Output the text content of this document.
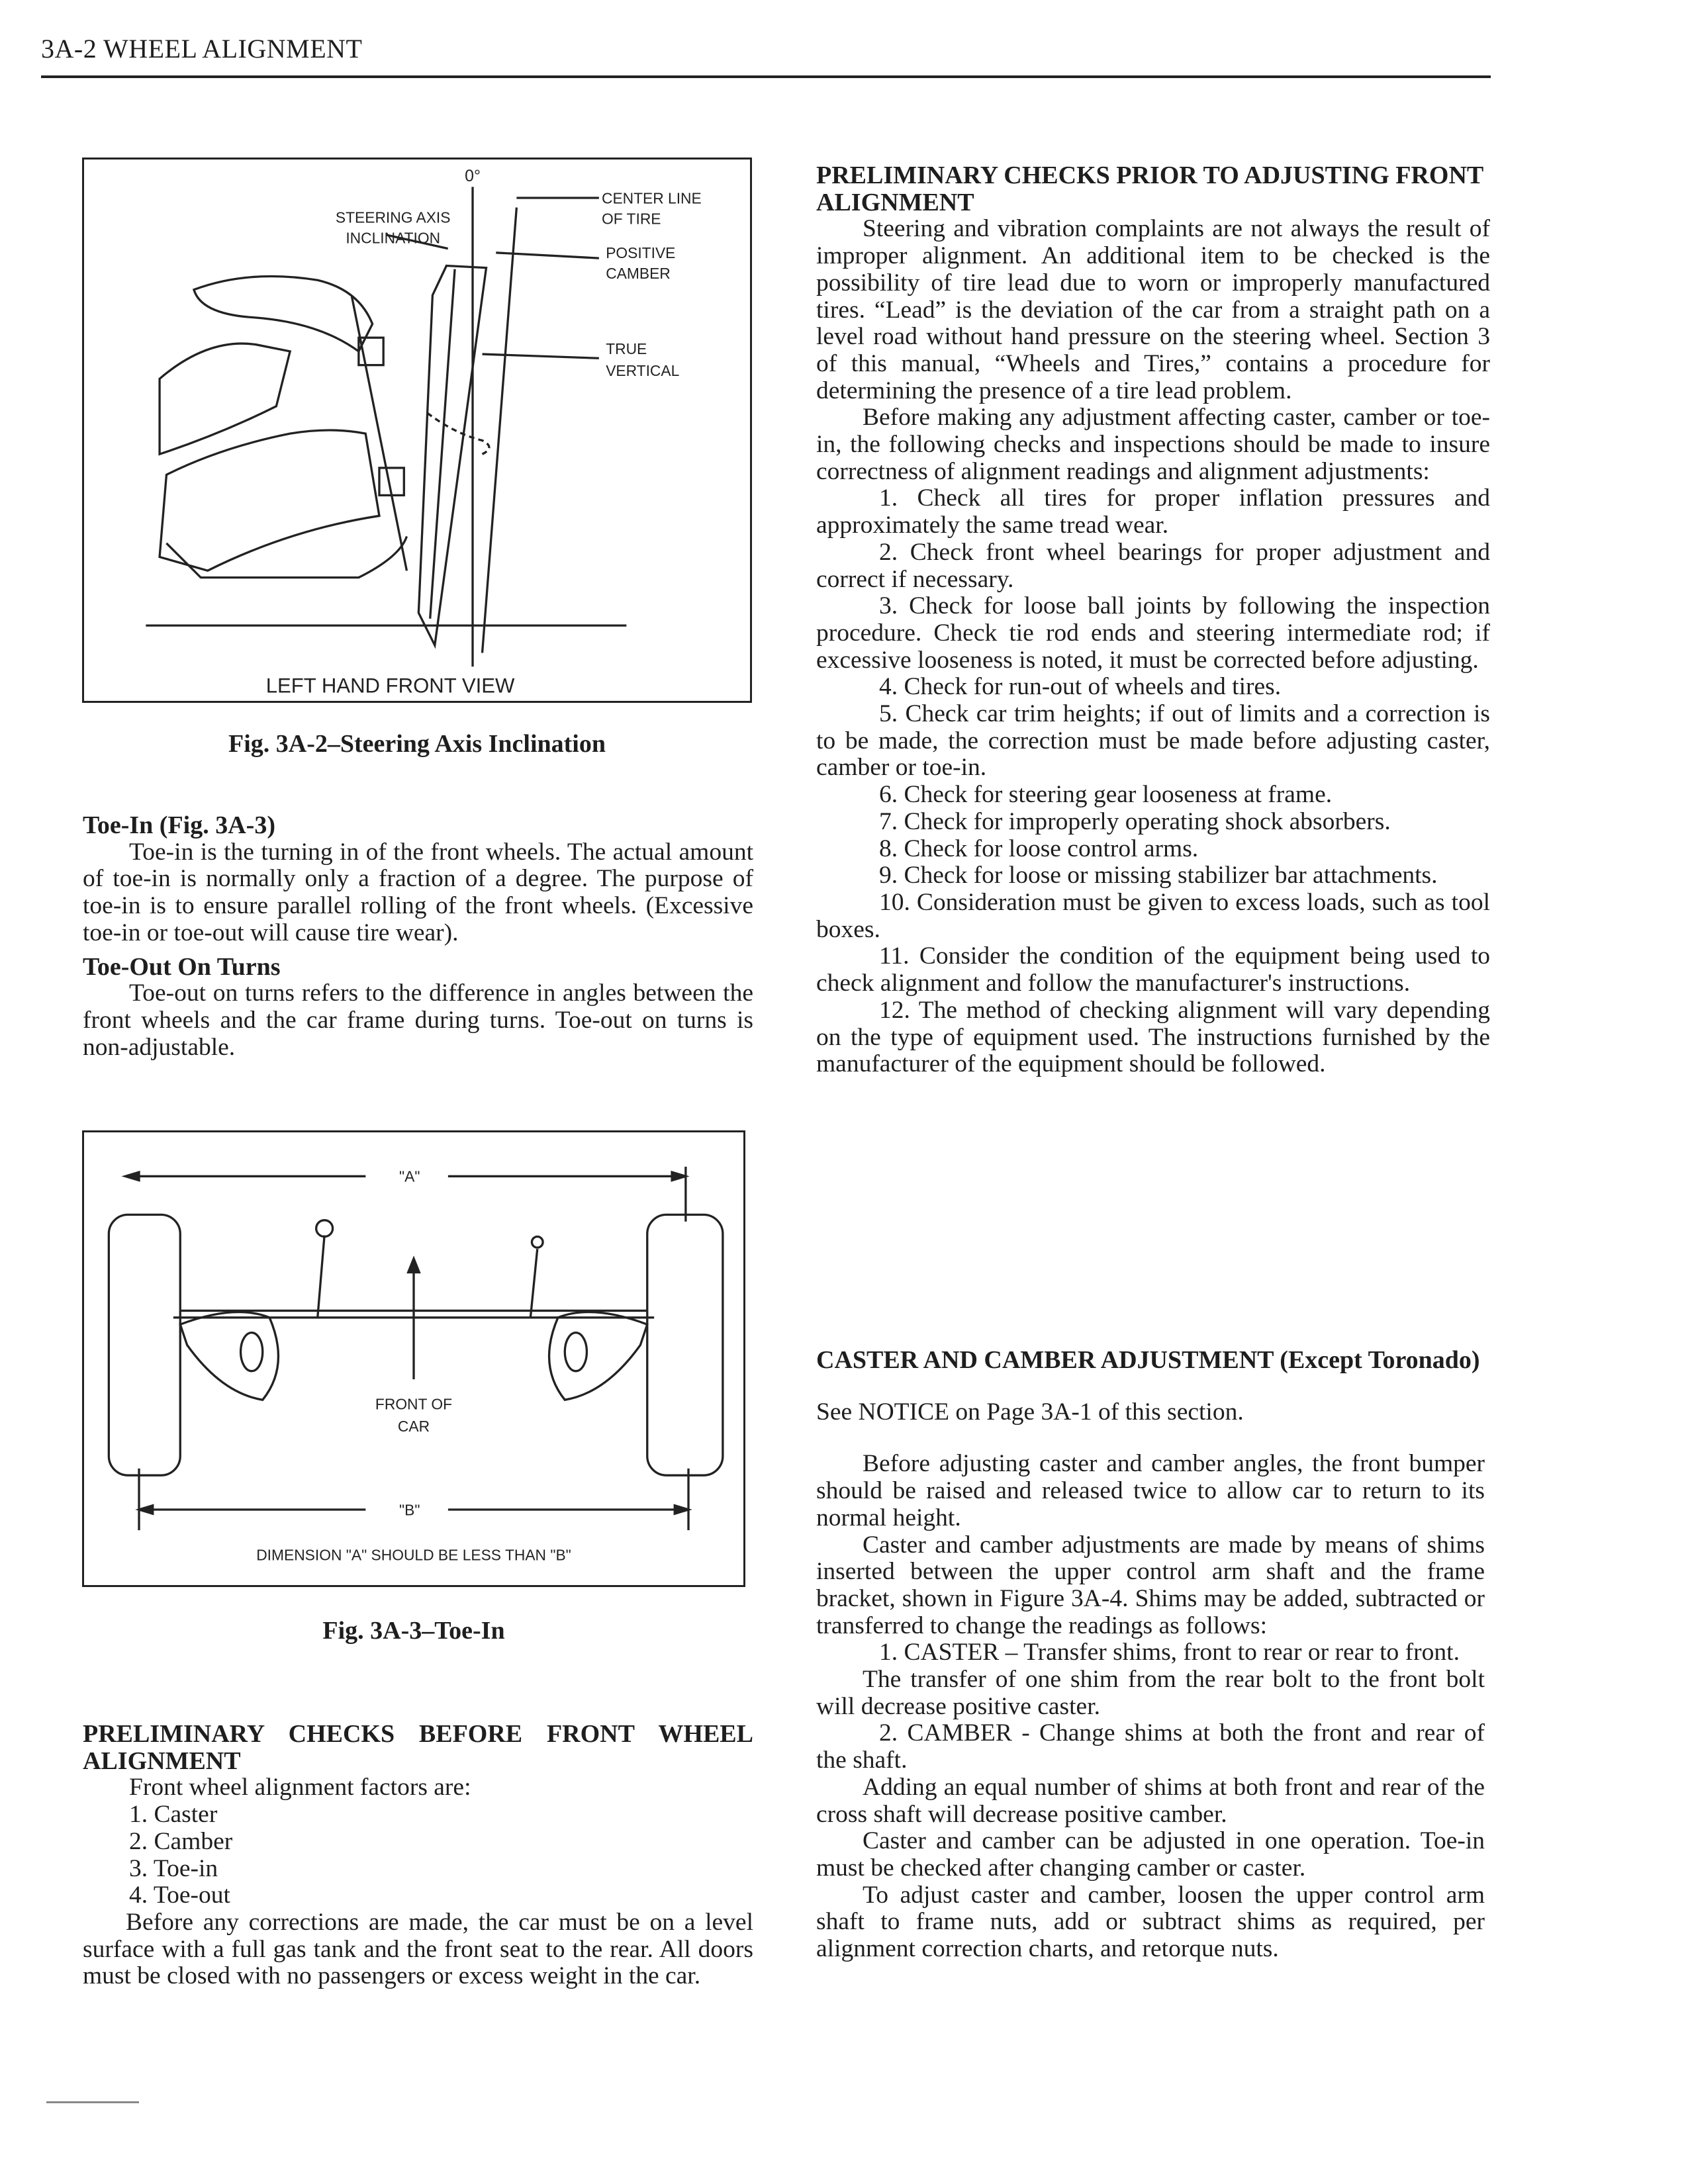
3A-2 WHEEL ALIGNMENT
0°
STEERING AXIS
INCLINATION
CENTER LINE
OF TIRE
POSITIVE
CAMBER
TRUE
VERTICAL
LEFT HAND FRONT VIEW
Fig. 3A-2–Steering Axis Inclination

Toe-In (Fig. 3A-3)

Toe-in is the turning in of the front wheels. The actual amount of toe-in is normally only a fraction of a degree. The purpose of toe-in is to ensure parallel rolling of the front wheels. (Excessive toe-in or toe-out will cause tire wear).

Toe-Out On Turns

Toe-out on turns refers to the difference in angles between the front wheels and the car frame during turns. Toe-out on turns is non-adjustable.

"A"
FRONT OF
CAR
"B"
DIMENSION "A" SHOULD BE LESS THAN "B"
Fig. 3A-3–Toe-In

PRELIMINARY CHECKS BEFORE FRONT WHEEL ALIGNMENT

Front wheel alignment factors are:

1. Caster

2. Camber

3. Toe-in

4. Toe-out

Before any corrections are made, the car must be on a level surface with a full gas tank and the front seat to the rear. All doors must be closed with no passengers or excess weight in the car.

PRELIMINARY CHECKS PRIOR TO ADJUSTING FRONT ALIGNMENT

Steering and vibration complaints are not always the result of improper alignment. An additional item to be checked is the possibility of tire lead due to worn or improperly manufactured tires. “Lead” is the deviation of the car from a straight path on a level road without hand pressure on the steering wheel. Section 3 of this manual, “Wheels and Tires,” contains a procedure for determining the presence of a tire lead problem.

Before making any adjustment affecting caster, camber or toe-in, the following checks and inspections should be made to insure correctness of alignment readings and alignment adjustments:

1. Check all tires for proper inflation pressures and approximately the same tread wear.

2. Check front wheel bearings for proper adjustment and correct if necessary.

3. Check for loose ball joints by following the inspection procedure. Check tie rod ends and steering intermediate rod; if excessive looseness is noted, it must be corrected before adjusting.

4. Check for run-out of wheels and tires.

5. Check car trim heights; if out of limits and a correction is to be made, the correction must be made before adjusting caster, camber or toe-in.

6. Check for steering gear looseness at frame.

7. Check for improperly operating shock absorbers.

8. Check for loose control arms.

9. Check for loose or missing stabilizer bar attachments.

10. Consideration must be given to excess loads, such as tool boxes.

11. Consider the condition of the equipment being used to check alignment and follow the manufacturer's instructions.

12. The method of checking alignment will vary depending on the type of equipment used. The instructions furnished by the manufacturer of the equipment should be followed.

CASTER AND CAMBER ADJUSTMENT (Except Toronado)

See NOTICE on Page 3A-1 of this section.

Before adjusting caster and camber angles, the front bumper should be raised and released twice to allow car to return to its normal height.

Caster and camber adjustments are made by means of shims inserted between the upper control arm shaft and the frame bracket, shown in Figure 3A-4. Shims may be added, subtracted or transferred to change the readings as follows:

1. CASTER – Transfer shims, front to rear or rear to front.

The transfer of one shim from the rear bolt to the front bolt will decrease positive caster.

2. CAMBER - Change shims at both the front and rear of the shaft.

Adding an equal number of shims at both front and rear of the cross shaft will decrease positive camber.

Caster and camber can be adjusted in one operation. Toe-in must be checked after changing camber or caster.

To adjust caster and camber, loosen the upper control arm shaft to frame nuts, add or subtract shims as required, per alignment correction charts, and retorque nuts.
